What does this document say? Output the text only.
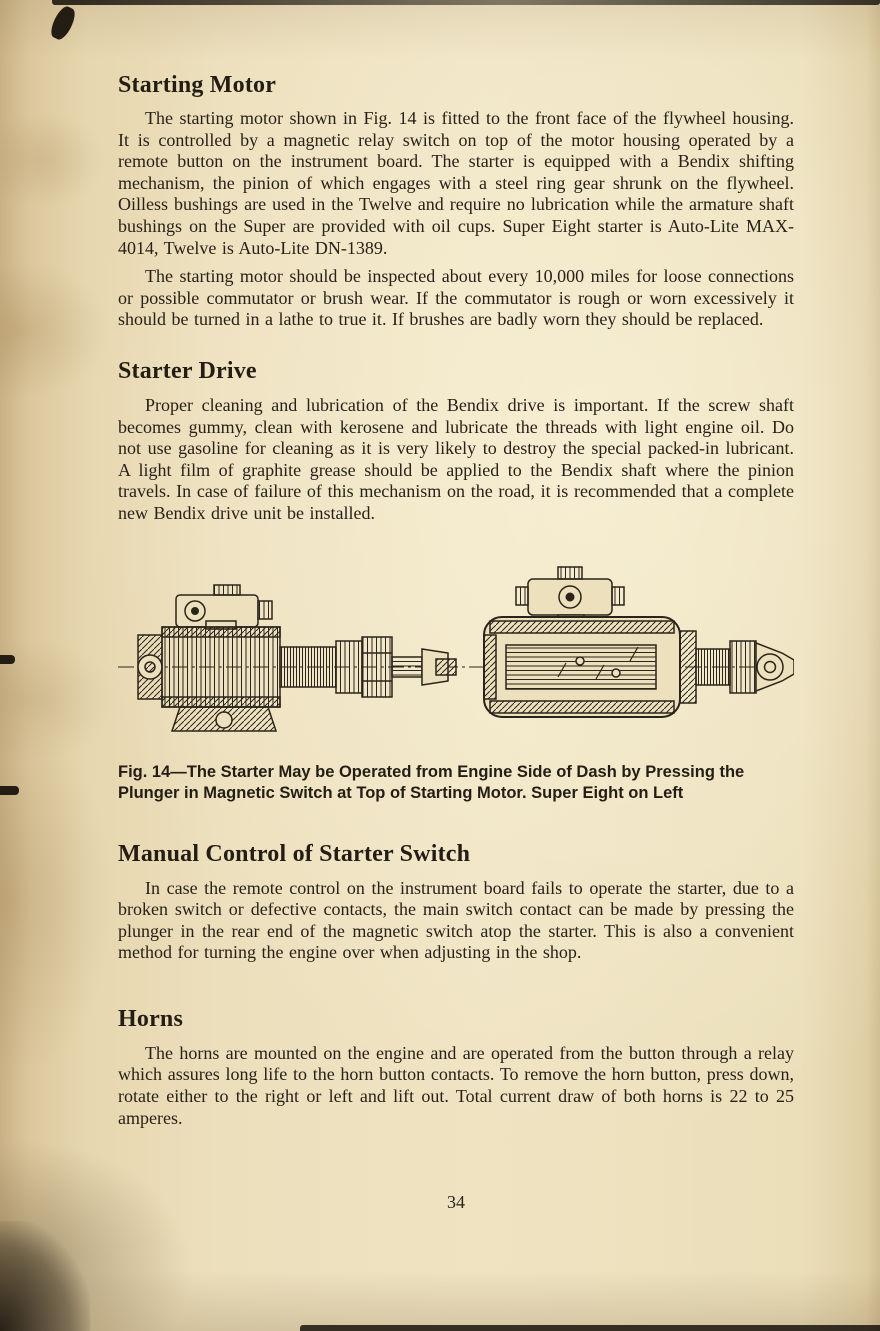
Starting Motor

The starting motor shown in Fig. 14 is fitted to the front face of the flywheel housing. It is controlled by a magnetic relay switch on top of the motor housing operated by a remote button on the instrument board. The starter is equipped with a Bendix shifting mechanism, the pinion of which engages with a steel ring gear shrunk on the flywheel. Oilless bushings are used in the Twelve and require no lubrication while the armature shaft bushings on the Super are provided with oil cups. Super Eight starter is Auto-Lite MAX-4014, Twelve is Auto-Lite DN-1389.

The starting motor should be inspected about every 10,000 miles for loose connections or possible commutator or brush wear. If the commutator is rough or worn excessively it should be turned in a lathe to true it. If brushes are badly worn they should be replaced.

Starter Drive

Proper cleaning and lubrication of the Bendix drive is important. If the screw shaft becomes gummy, clean with kerosene and lubricate the threads with light engine oil. Do not use gasoline for cleaning as it is very likely to destroy the special packed-in lubricant. A light film of graphite grease should be applied to the Bendix shaft where the pinion travels. In case of failure of this mechanism on the road, it is recommended that a complete new Bendix drive unit be installed.

Fig. 14—The Starter May be Operated from Engine Side of Dash by Pressing the Plunger in Magnetic Switch at Top of Starting Motor. Super Eight on Left
Manual Control of Starter Switch

In case the remote control on the instrument board fails to operate the starter, due to a broken switch or defective contacts, the main switch contact can be made by pressing the plunger in the rear end of the magnetic switch atop the starter. This is also a convenient method for turning the engine over when adjusting in the shop.

Horns

The horns are mounted on the engine and are operated from the button through a relay which assures long life to the horn button contacts. To remove the horn button, press down, rotate either to the right or left and lift out. Total current draw of both horns is 22 to 25 amperes.

34
